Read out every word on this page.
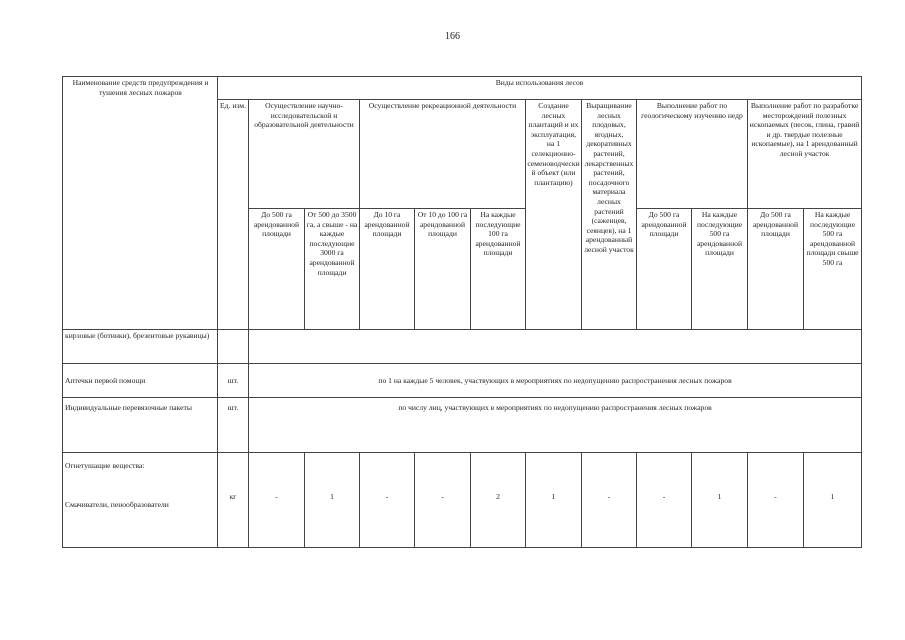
166
Наименование средств предупреждения и тушения лесных пожаров	Виды использования лесов											
	Ед. изм.	Осуществление научно-исследовательской и образовательной деятельности		Осуществление рекреационной деятельности			Создание лесных плантаций и их эксплуатация, на 1 селекционно-семеноводческий объект (или плантацию)	Выращивание лесных плодовых, ягодных, декоративных растений, лекарственных растений, посадочного материала лесных растений (саженцев, сеянцев), на 1 арендованный лесной участок	Выполнение работ по геологическому изучению недр		Выполнение работ по разработке месторождений полезных ископаемых (песок, глина, гравий и др. твердые полезные ископаемые), на 1 арендованный лесной участок	
		До 500 га арендованной площади	От 500 до 3500 га, а свыше - на каждые последующие 3000 га арендованной площади	До 10 га арендованной площади	От 10 до 100 га арендованной площади	На каждые последующие 100 га арендованной площади			До 500 га арендованной площади	На каждые последующие 500 га арендованной площади	До 500 га арендованной площади	На каждые последующие 500 га арендованной площади свыше 500 га
кирзовые (ботинки), брезентовые рукавицы)												
Аптечки первой помощи	шт.	по 1 на каждые 5 человек, участвующих в мероприятиях по недопущению распространения лесных пожаров										
Индивидуальные перевязочные пакеты	шт.	по числу лиц, участвующих в мероприятиях по недопущению распространения лесных пожаров										

Огнетушащие вещества:
Смачиватели, пенообразователи	кг	-	1	-	-	2	1	-	-	1	-	1
